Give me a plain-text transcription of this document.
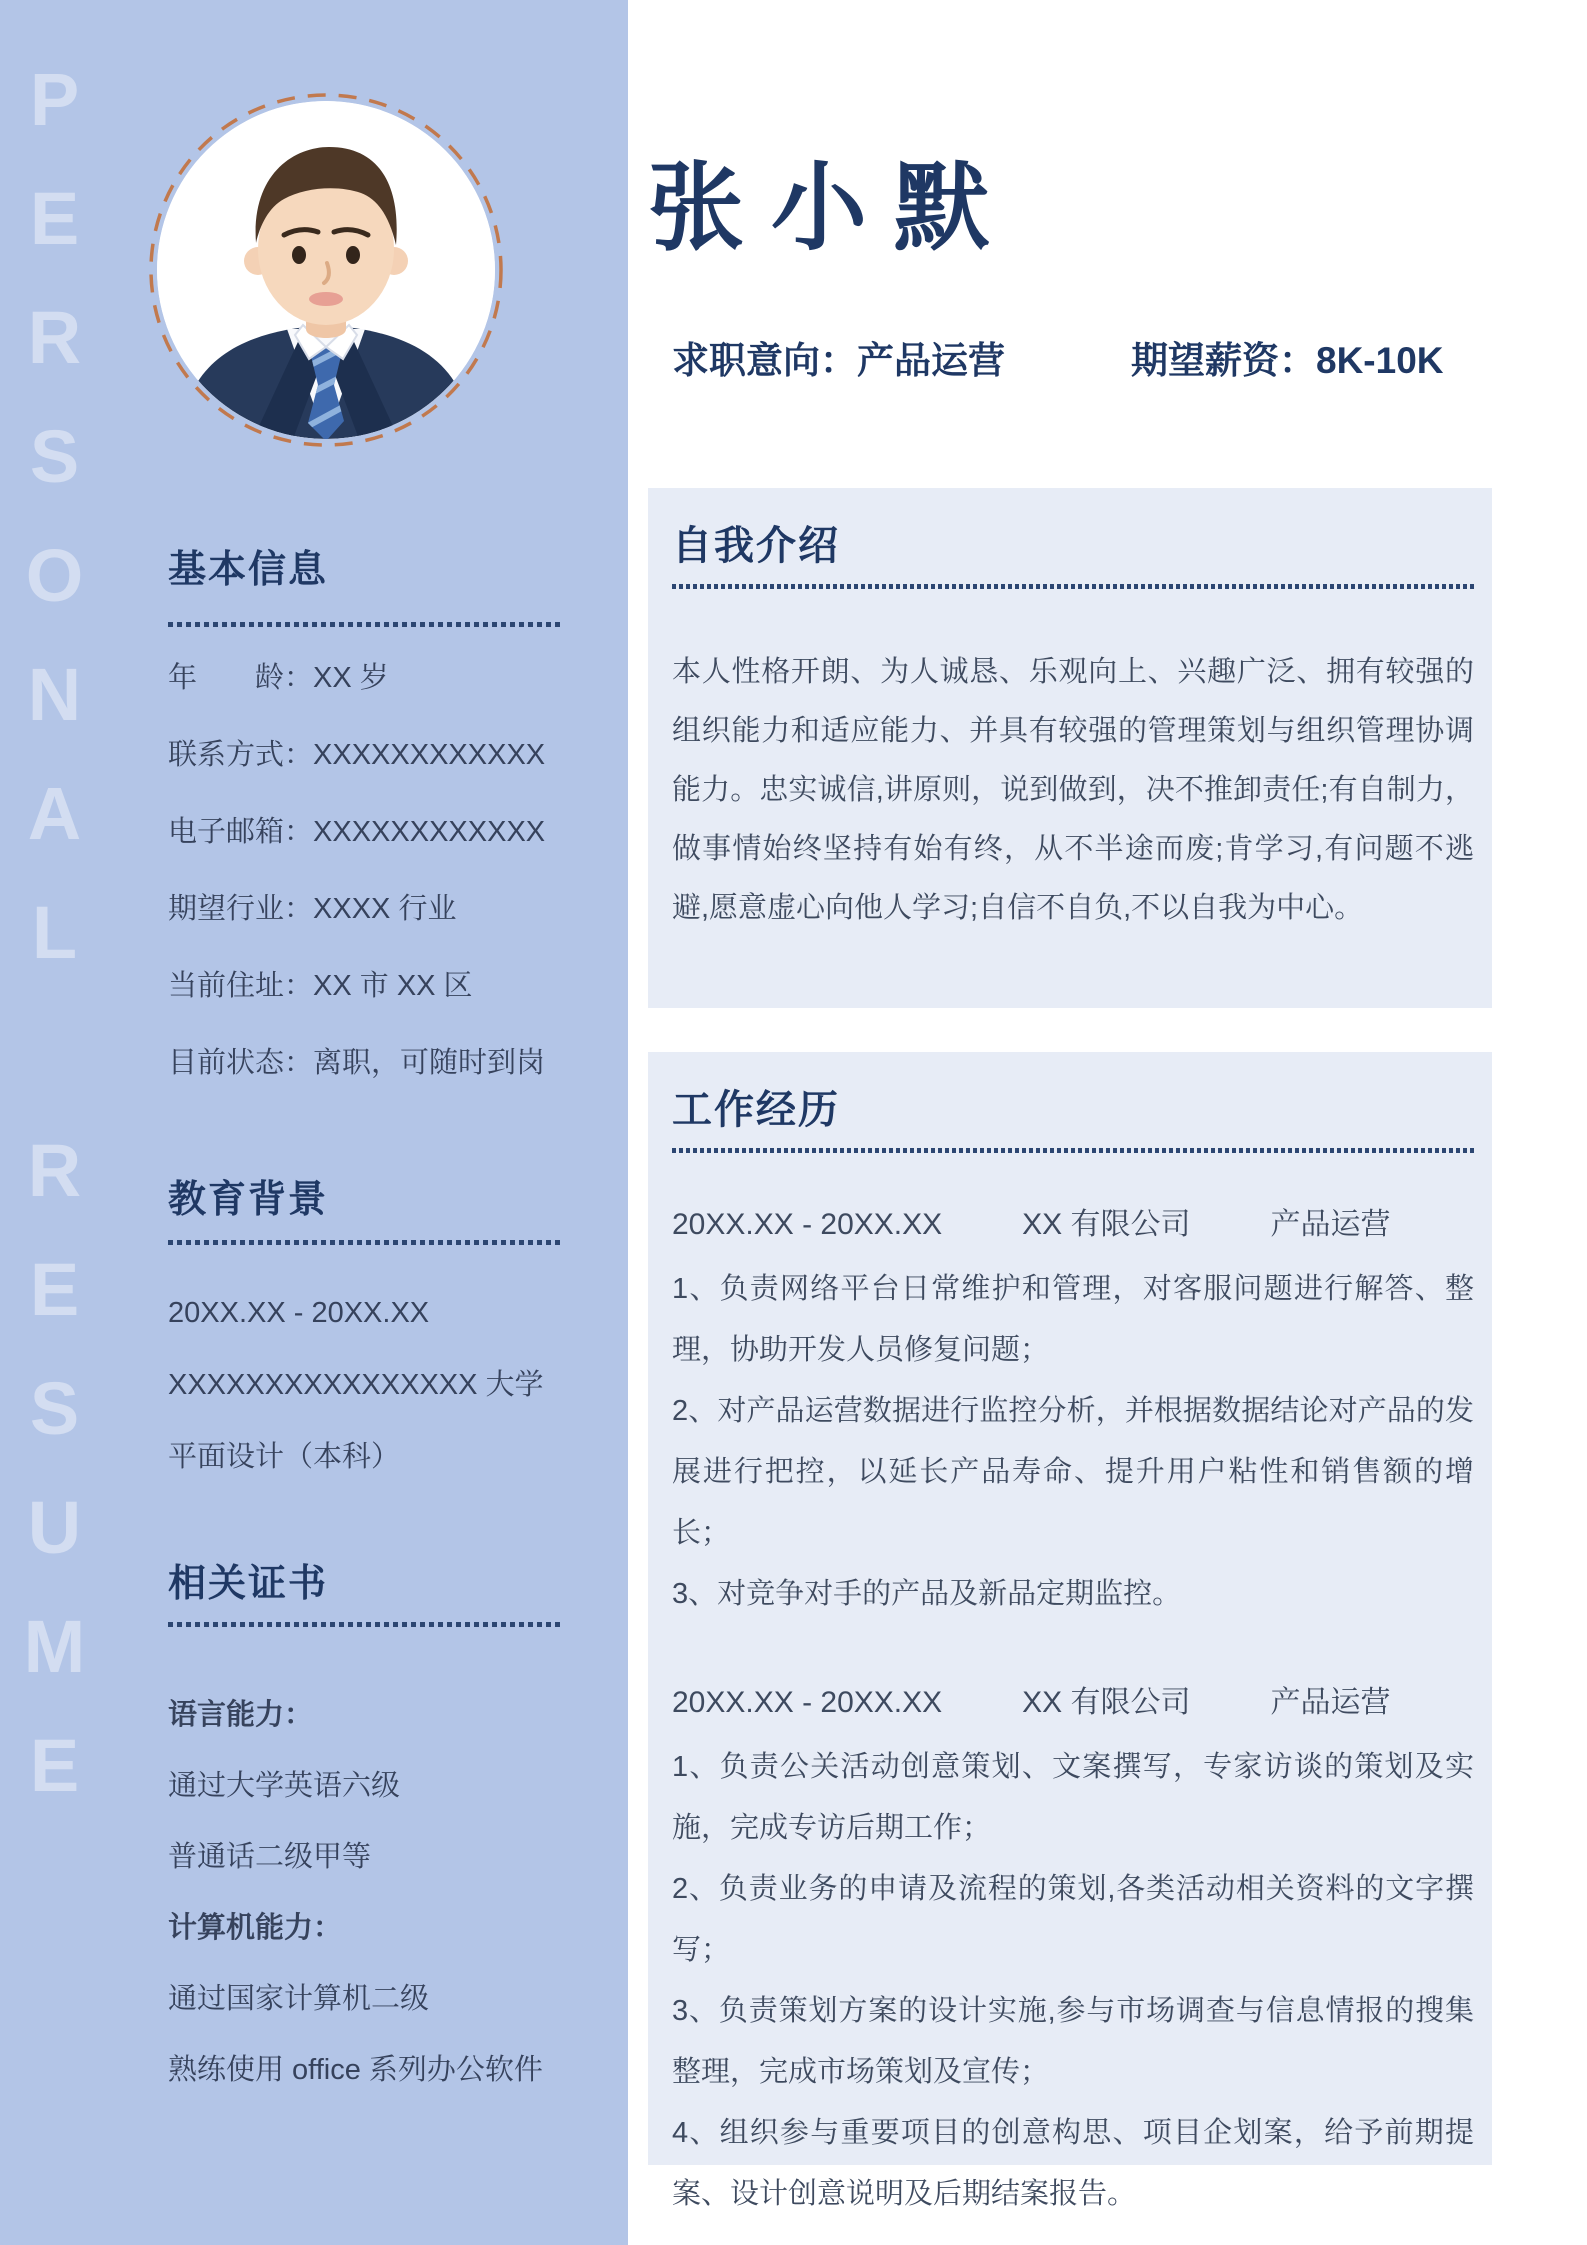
PERSONAL RESUME 基本信息
年　　龄：XX 岁
联系方式：XXXXXXXXXXXX
电子邮箱：XXXXXXXXXXXX
期望行业：XXXX 行业
当前住址：XX 市 XX 区
目前状态：离职，可随时到岗
教育背景
20XX.XX - 20XX.XX
XXXXXXXXXXXXXXXX 大学
平面设计（本科）
相关证书
语言能力：
通过大学英语六级
普通话二级甲等
计算机能力：
通过国家计算机二级
熟练使用 office 系列办公软件
张小默
求职意向：产品运营	期望薪资：8K-10K
自我介绍

本人性格开朗、为人诚恳、乐观向上、兴趣广泛、拥有较强的组织能力和适应能力、并具有较强的管理策划与组织管理协调能力。忠实诚信,讲原则，说到做到，决不推卸责任;有自制力，做事情始终坚持有始有终，从不半途而废;肯学习,有问题不逃避,愿意虚心向他人学习;自信不自负,不以自我为中心。

工作经历
20XX.XX - 20XX.XX	XX 有限公司	产品运营

1、负责网络平台日常维护和管理，对客服问题进行解答、整理，协助开发人员修复问题；

2、对产品运营数据进行监控分析，并根据数据结论对产品的发展进行把控，以延长产品寿命、提升用户粘性和销售额的增长；

3、对竞争对手的产品及新品定期监控。

20XX.XX - 20XX.XX	XX 有限公司	产品运营

1、负责公关活动创意策划、文案撰写，专家访谈的策划及实施，完成专访后期工作；

2、负责业务的申请及流程的策划,各类活动相关资料的文字撰写；

3、负责策划方案的设计实施,参与市场调查与信息情报的搜集整理，完成市场策划及宣传；

4、组织参与重要项目的创意构思、项目企划案，给予前期提案、设计创意说明及后期结案报告。
